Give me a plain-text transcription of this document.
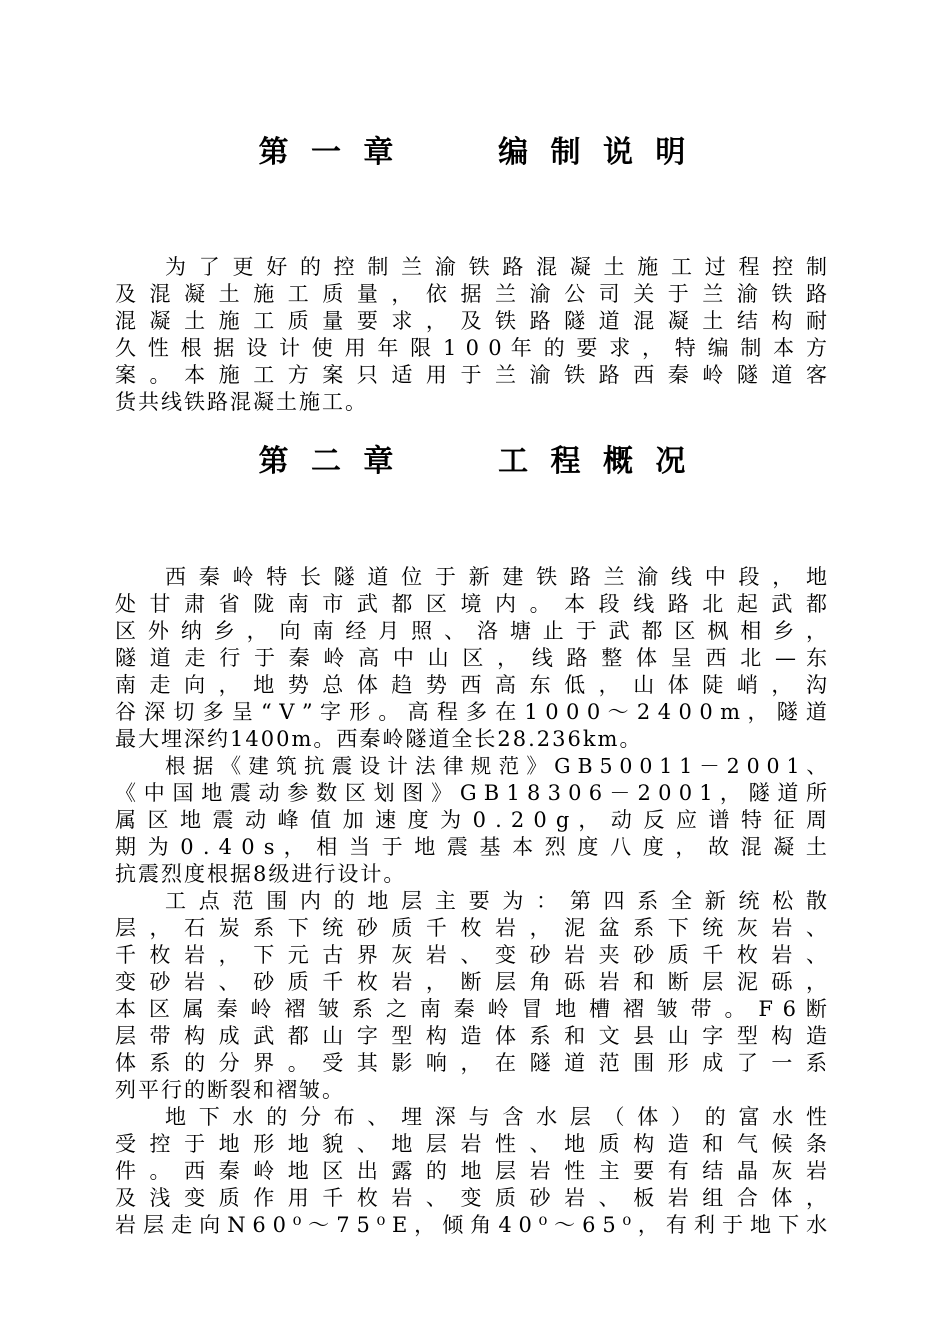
第 一 章      编 制 说 明

为 了 更 好 的 控 制 兰 渝 铁 路 混 凝 土 施 工 过 程 控 制
及 混 凝 土 施 工 质 量 ， 依 据 兰 渝 公 司 关 于 兰 渝 铁 路
混 凝 土 施 工 质 量 要 求 ， 及 铁 路 隧 道 混 凝 土 结 构 耐
久 性 根 据 设 计 使 用 年 限 1 0 0 年 的 要 求 ， 特 编 制 本 方
案 。 本 施 工 方 案 只 适 用 于 兰 渝 铁 路 西 秦 岭 隧 道 客
货共线铁路混凝土施工。

第 二 章      工 程 概 况

西 秦 岭 特 长 隧 道 位 于 新 建 铁 路 兰 渝 线 中 段 ， 地
处 甘 肃 省 陇 南 市 武 都 区 境 内 。 本 段 线 路 北 起 武 都
区 外 纳 乡 ， 向 南 经 月 照 、 洛 塘 止 于 武 都 区 枫 相 乡 ，
隧 道 走 行 于 秦 岭 高 中 山 区 ， 线 路 整 体 呈 西 北 — 东
南 走 向 ， 地 势 总 体 趋 势 西 高 东 低 ， 山 体 陡 峭 ， 沟
谷 深 切 多 呈 “ V ” 字 形 。 高 程 多 在 1 0 0 0 ～ 2 4 0 0 m ， 隧 道
最大埋深约1400m。西秦岭隧道全长28.236km。

根 据 《 建 筑 抗 震 设 计 法 律 规 范 》 G B 5 0 0 1 1 － 2 0 0 1 、
《 中 国 地 震 动 参 数 区 划 图 》 G B 1 8 3 0 6 － 2 0 0 1 ， 隧 道 所
属 区 地 震 动 峰 值 加 速 度 为 0 . 2 0 g ， 动 反 应 谱 特 征 周
期 为 0 . 4 0 s ， 相 当 于 地 震 基 本 烈 度 八 度 ， 故 混 凝 土
抗震烈度根据8级进行设计。

工 点 范 围 内 的 地 层 主 要 为 ： 第 四 系 全 新 统 松 散
层 ， 石 炭 系 下 统 砂 质 千 枚 岩 ， 泥 盆 系 下 统 灰 岩 、
千 枚 岩 ， 下 元 古 界 灰 岩 、 变 砂 岩 夹 砂 质 千 枚 岩 、
变 砂 岩 、 砂 质 千 枚 岩 ， 断 层 角 砾 岩 和 断 层 泥 砾 ，
本 区 属 秦 岭 褶 皱 系 之 南 秦 岭 冒 地 槽 褶 皱 带 。 F 6 断
层 带 构 成 武 都 山 字 型 构 造 体 系 和 文 县 山 字 型 构 造
体 系 的 分 界 。 受 其 影 响 ， 在 隧 道 范 围 形 成 了 一 系
列平行的断裂和褶皱。

地 下 水 的 分 布 、 埋 深 与 含 水 层 （ 体 ） 的 富 水 性
受 控 于 地 形 地 貌 、 地 层 岩 性 、 地 质 构 造 和 气 候 条
件 。 西 秦 岭 地 区 出 露 的 地 层 岩 性 主 要 有 结 晶 灰 岩
及 浅 变 质 作 用 千 枚 岩 、 变 质 砂 岩 、 板 岩 组 合 体 ，
岩 层 走 向 N 6 0 ⁰ ～ 7 5 ⁰ E ， 倾 角 4 0 ⁰ ～ 6 5 ⁰ ， 有 利 于 地 下 水
